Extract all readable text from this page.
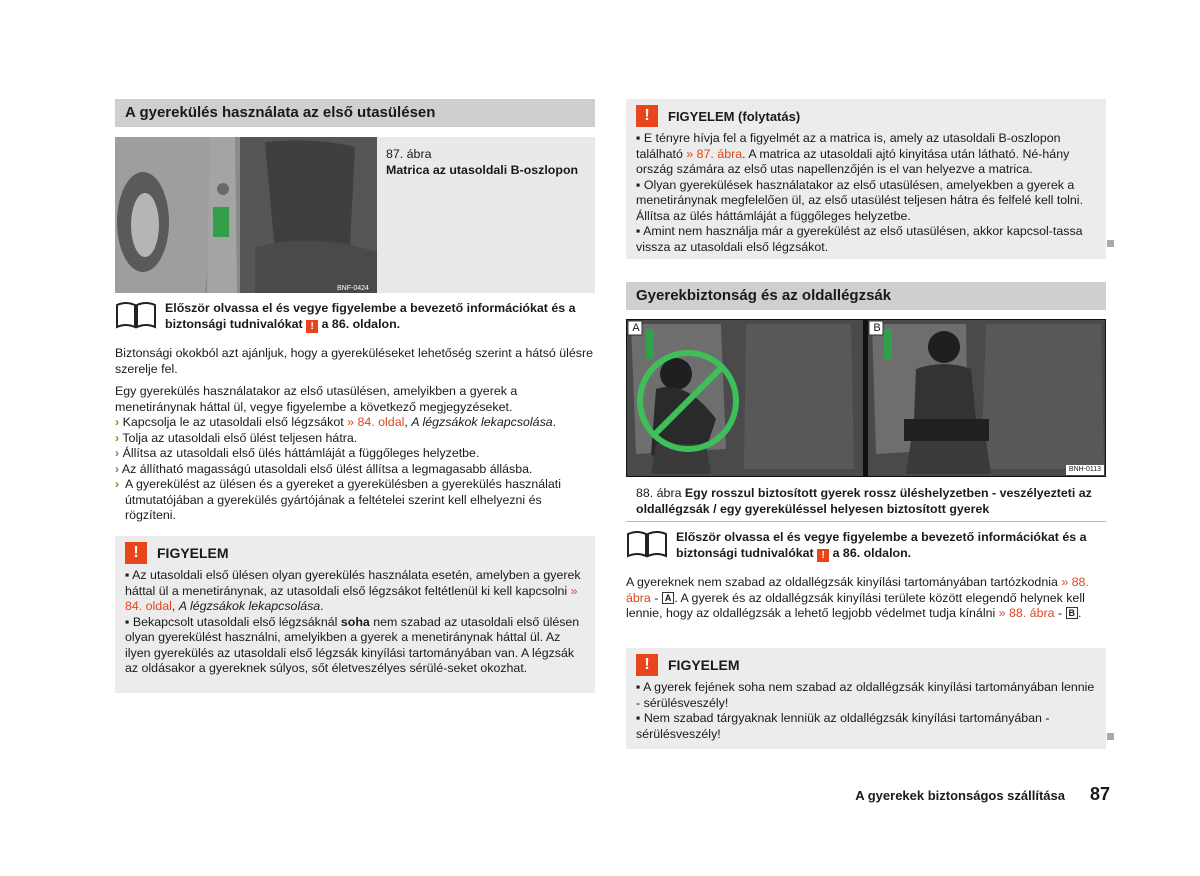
A gyerekülés használata az első utasülésen
BNF-0424
87. ábra
Matrica az utasoldali B-oszlopon
Először olvassa el és vegye figyelembe a bevezető információkat és a
biztonsági tudnivalókat ! a 86. oldalon.
Biztonsági okokból azt ajánljuk, hogy a gyereküléseket lehetőség szerint a hátsó ülésre szerelje fel.
Egy gyerekülés használatakor az első utasülésen, amelyikben a gyerek a menetiránynak háttal ül, vegye figyelembe a következő megjegyzéseket.
› Kapcsolja le az utasoldali első légzsákot » 84. oldal, A légzsákok lekapcsolása.
› Tolja az utasoldali első ülést teljesen hátra.
› Állítsa az utasoldali első ülés háttámláját a függőleges helyzetbe.
› Az állítható magasságú utasoldali első ülést állítsa a legmagasabb állásba.
› A gyerekülést az ülésen és a gyereket a gyerekülésben a gyerekülés használati útmutatójában a gyerekülés gyártójának a feltételei szerint kell elhelyezni és rögzíteni.
!	FIGYELEM
▪ Az utasoldali első ülésen olyan gyerekülés használata esetén, amelyben a gyerek háttal ül a menetiránynak, az utasoldali első légzsákot feltétlenül ki kell kapcsolni » 84. oldal, A légzsákok lekapcsolása.
▪ Bekapcsolt utasoldali első légzsáknál soha nem szabad az utasoldali első ülésen olyan gyerekülést használni, amelyikben a gyerek a menetiránynak háttal ül. Az ilyen gyerekülés az utasoldali első légzsák kinyílási tartományában van. A légzsák az oldásakor a gyereknek súlyos, sőt életveszélyes sérülé-seket okozhat.
!	FIGYELEM (folytatás)
▪ E tényre hívja fel a figyelmét az a matrica is, amely az utasoldali B-oszlopon található » 87. ábra. A matrica az utasoldali ajtó kinyitása után látható. Né-hány ország számára az első utas napellenzőjén is el van helyezve a matrica.
▪ Olyan gyerekülések használatakor az első utasülésen, amelyekben a gyerek a menetiránynak megfelelően ül, az első utasülést teljesen hátra és felfelé kell tolni. Állítsa az ülés háttámláját a függőleges helyzetbe.
▪ Amint nem használja már a gyerekülést az első utasülésen, akkor kapcsol-tassa vissza az utasoldali első légzsákot.
Gyerekbiztonság és az oldallégzsák
A	B
BNH-0113
88. ábra Egy rosszul biztosított gyerek rossz üléshelyzetben - veszélyezteti az oldallégzsák / egy gyereküléssel helyesen biztosított gyerek
Először olvassa el és vegye figyelembe a bevezető információkat és a
biztonsági tudnivalókat ! a 86. oldalon.
A gyereknek nem szabad az oldallégzsák kinyílási tartományában tartózkodnia » 88. ábra - A . A gyerek és az oldallégzsák kinyílási területe között elegendő helynek kell lennie, hogy az oldallégzsák a lehető legjobb védelmet tudja kínálni » 88. ábra - B .
!	FIGYELEM
▪ A gyerek fejének soha nem szabad az oldallégzsák kinyílási tartományában lennie - sérülésveszély!
▪ Nem szabad tárgyaknak lenniük az oldallégzsák kinyílási tartományában - sérülésveszély!
A gyerekek biztonságos szállítása	87
